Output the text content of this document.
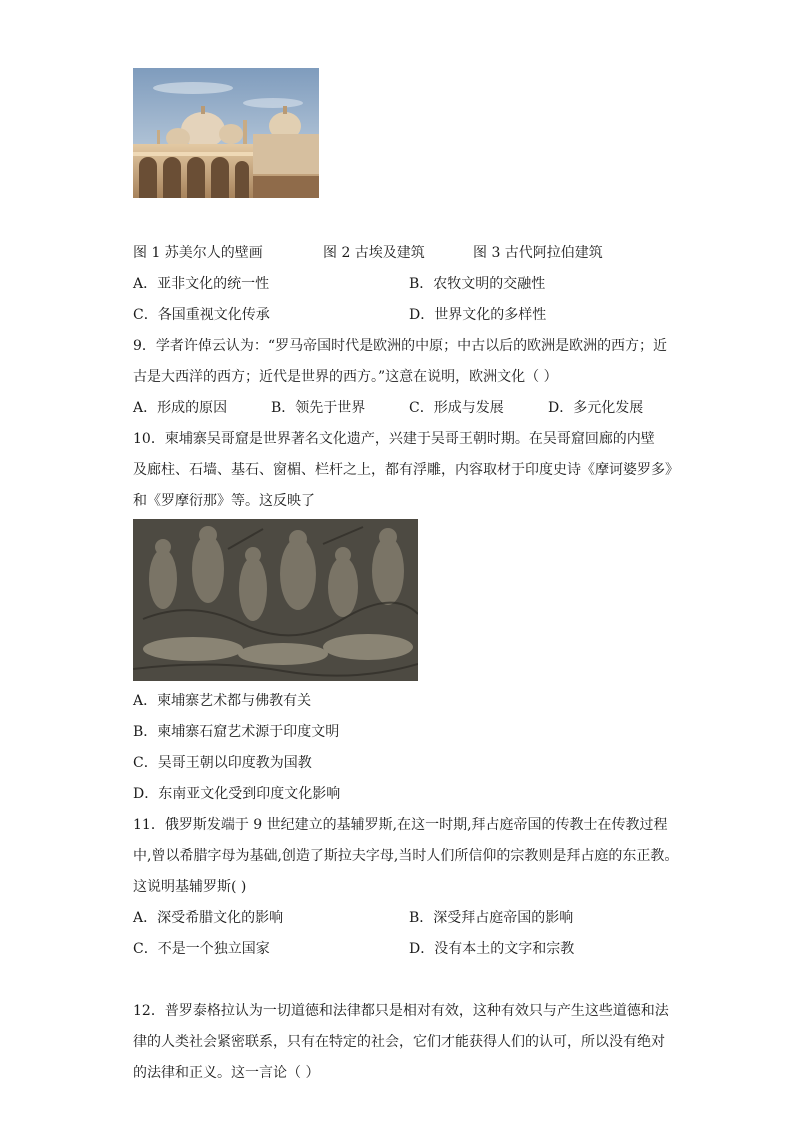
图 1 苏美尔人的壁画	图 2 古埃及建筑	图 3 古代阿拉伯建筑
A．亚非文化的统一性	B．农牧文明的交融性
C．各国重视文化传承	D．世界文化的多样性
9．学者许倬云认为：“罗马帝国时代是欧洲的中原；中古以后的欧洲是欧洲的西方；近
古是大西洋的西方；近代是世界的西方。”这意在说明，欧洲文化（ ）
A．形成的原因	B．领先于世界	C．形成与发展	D．多元化发展
10．柬埔寨吴哥窟是世界著名文化遗产，兴建于吴哥王朝时期。在吴哥窟回廊的内壁
及廊柱、石墙、基石、窗楣、栏杆之上，都有浮雕，内容取材于印度史诗《摩诃婆罗多》
和《罗摩衍那》等。这反映了
A．柬埔寨艺术都与佛教有关
B．柬埔寨石窟艺术源于印度文明
C．吴哥王朝以印度教为国教
D．东南亚文化受到印度文化影响
11．俄罗斯发端于 9 世纪建立的基辅罗斯,在这一时期,拜占庭帝国的传教士在传教过程
中,曾以希腊字母为基础,创造了斯拉夫字母,当时人们所信仰的宗教则是拜占庭的东正教。
这说明基辅罗斯( )
A．深受希腊文化的影响	B．深受拜占庭帝国的影响
C．不是一个独立国家	D．没有本土的文字和宗教
12．普罗泰格拉认为一切道德和法律都只是相对有效，这种有效只与产生这些道德和法
律的人类社会紧密联系，只有在特定的社会，它们才能获得人们的认可，所以没有绝对
的法律和正义。这一言论（ ）
